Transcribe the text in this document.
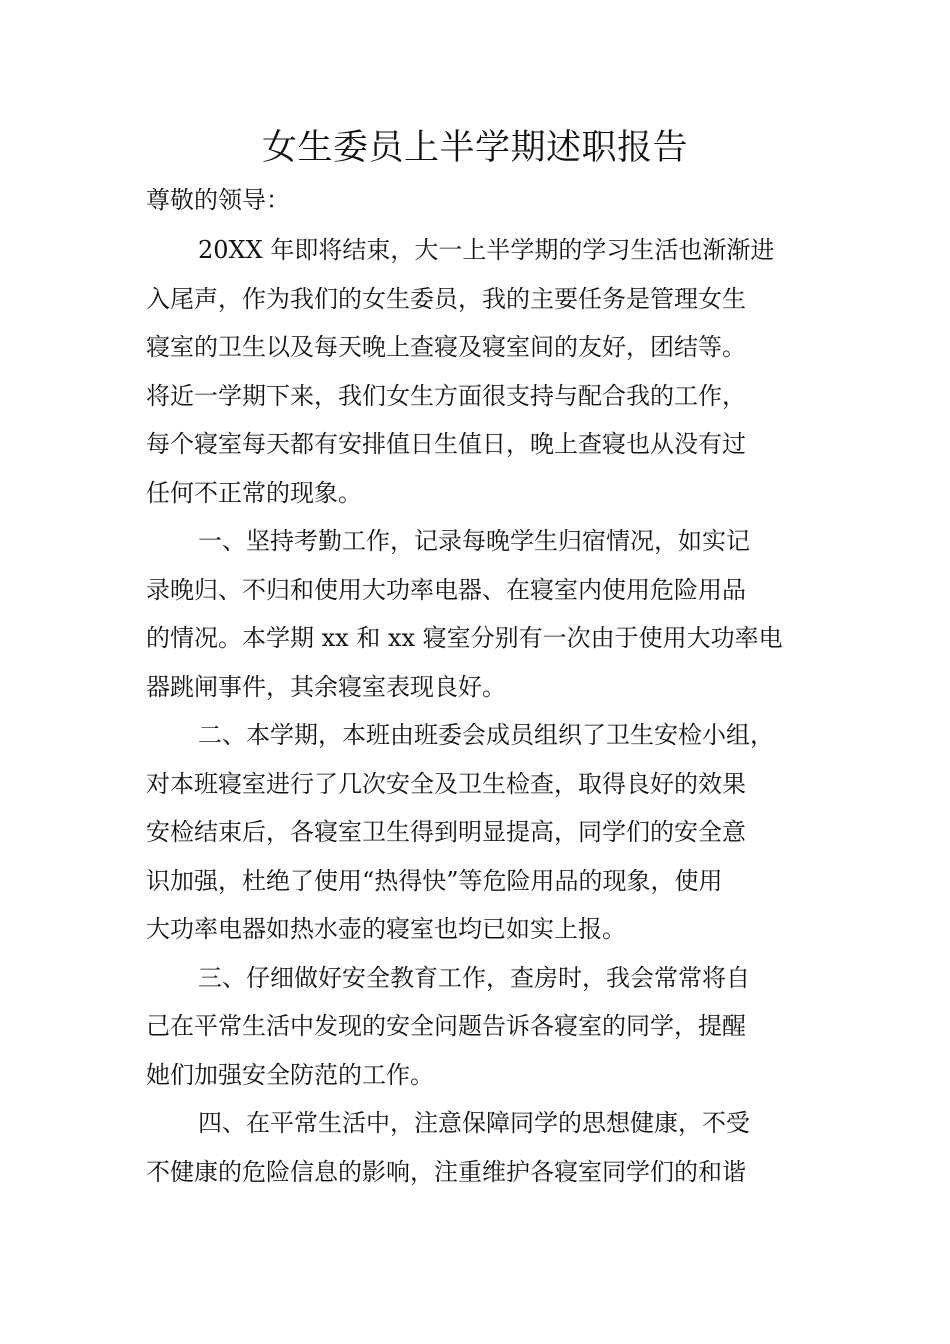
女生委员上半学期述职报告
尊敬的领导：

20XX 年即将结束，大一上半学期的学习生活也渐渐进
入尾声，作为我们的女生委员，我的主要任务是管理女生
寝室的卫生以及每天晚上查寝及寝室间的友好，团结等。
将近一学期下来，我们女生方面很支持与配合我的工作，
每个寝室每天都有安排值日生值日，晚上查寝也从没有过
任何不正常的现象。

一、坚持考勤工作，记录每晚学生归宿情况，如实记
录晚归、不归和使用大功率电器、在寝室内使用危险用品
的情况。本学期 xx 和 xx 寝室分别有一次由于使用大功率电
器跳闸事件，其余寝室表现良好。

二、本学期，本班由班委会成员组织了卫生安检小组，
对本班寝室进行了几次安全及卫生检查，取得良好的效果
安检结束后，各寝室卫生得到明显提高，同学们的安全意
识加强，杜绝了使用“热得快”等危险用品的现象，使用
大功率电器如热水壶的寝室也均已如实上报。

三、仔细做好安全教育工作，查房时，我会常常将自
己在平常生活中发现的安全问题告诉各寝室的同学，提醒
她们加强安全防范的工作。

四、在平常生活中，注意保障同学的思想健康，不受
不健康的危险信息的影响，注重维护各寝室同学们的和谐
